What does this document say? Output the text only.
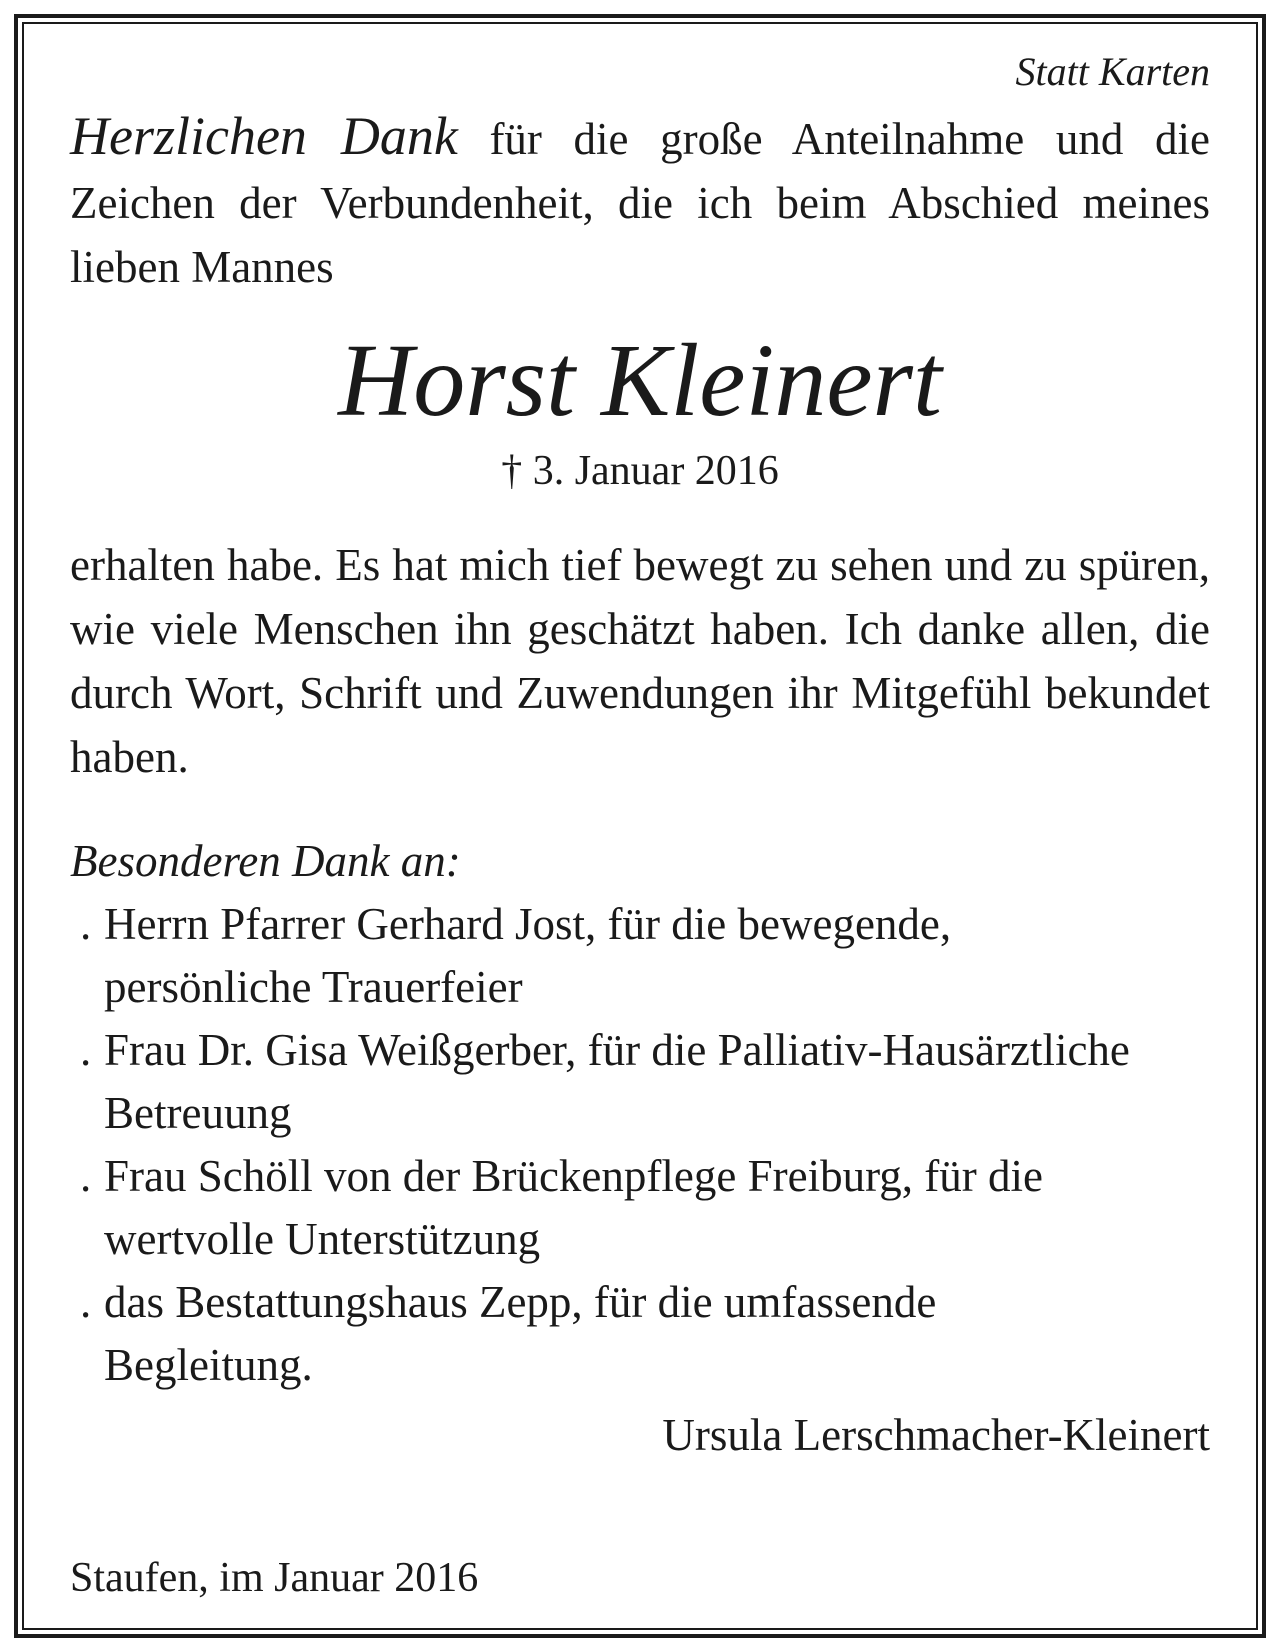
Statt Karten

Herzlichen Dank für die große Anteilnahme und die Zeichen der Verbundenheit, die ich beim Abschied meines lieben Mannes

Horst Kleinert
† 3. Januar 2016

erhalten habe. Es hat mich tief bewegt zu sehen und zu spüren, wie viele Menschen ihn geschätzt haben. Ich danke allen, die durch Wort, Schrift und Zuwendungen ihr Mitgefühl bekundet haben.

Besonderen Dank an:

. Herrn Pfarrer Gerhard Jost, für die bewegende, persönliche Trauerfeier
. Frau Dr. Gisa Weißgerber, für die Palliativ-Hausärztliche Betreuung
. Frau Schöll von der Brückenpflege Freiburg, für die wertvolle Unterstützung
. das Bestattungshaus Zepp, für die umfassende Begleitung.

Ursula Lerschmacher-Kleinert

Staufen, im Januar 2016
